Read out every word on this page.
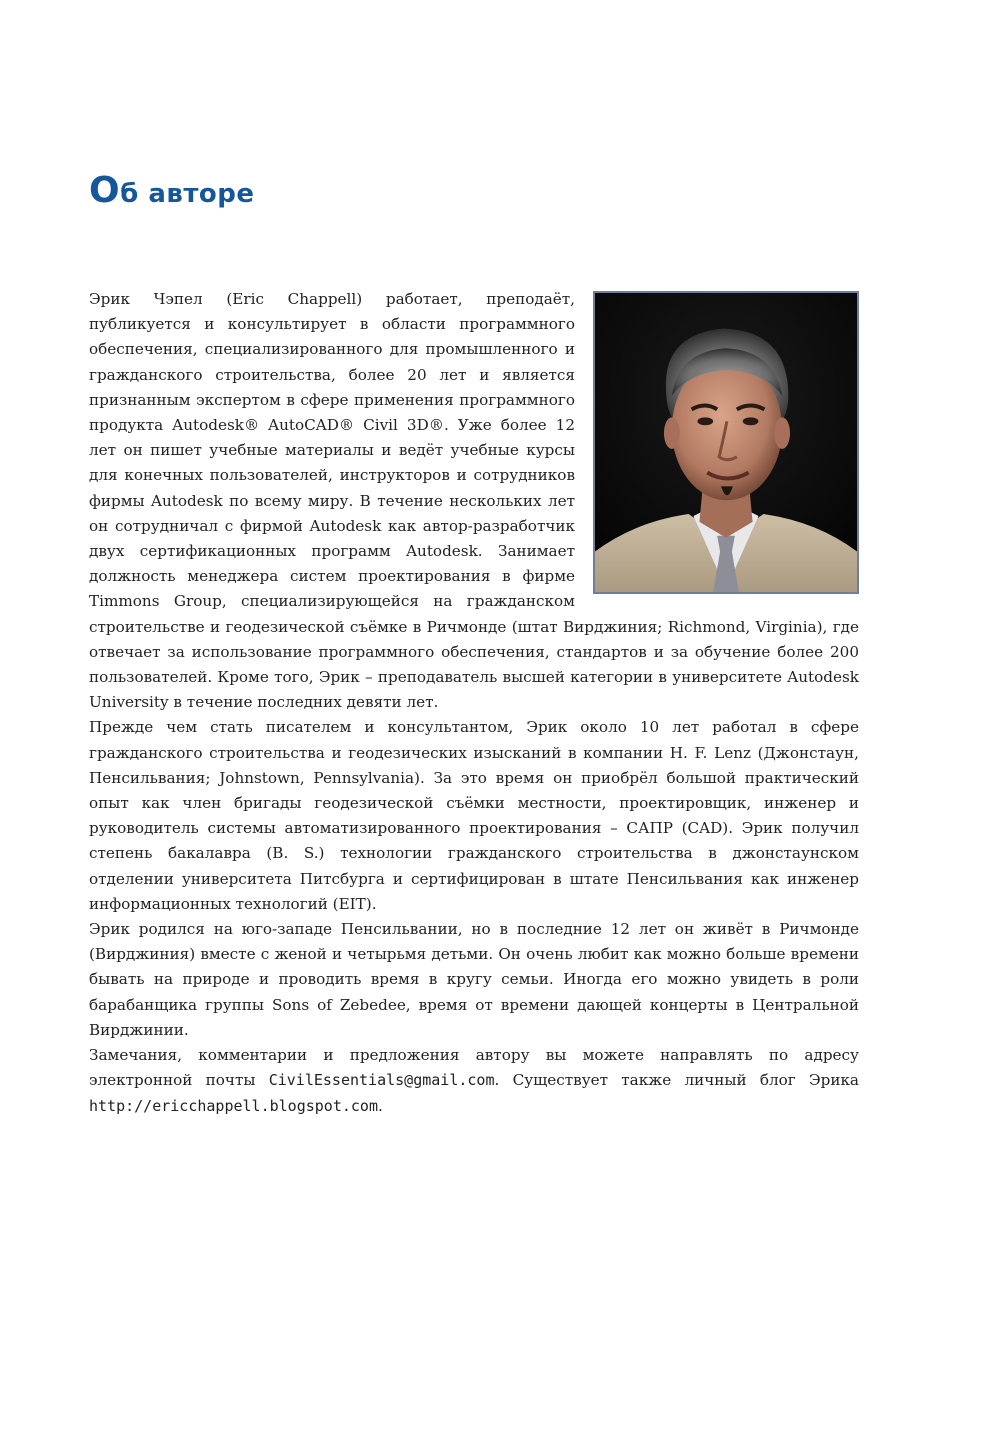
Об авторе

Эрик Чэпел (Eric Chappell) работает, преподаёт, публикуется и консультирует в области программного обеспечения, специализированного для промышленного и гражданского строительства, более 20 лет и является признанным экспертом в сфере применения программного продукта Autodesk® AutoCAD® Civil 3D®. Уже более 12 лет он пишет учебные материалы и ведёт учебные курсы для конечных пользователей, инструкторов и сотрудников фирмы Autodesk по всему миру. В течение нескольких лет он сотрудничал с фирмой Autodesk как автор-разработчик двух сертификационных программ Autodesk. Занимает должность менеджера систем проектирования в фирме Timmons Group, специализирующейся на гражданском строительстве и геодезической съёмке в Ричмонде (штат Вирджиния; Richmond, Virginia), где отвечает за использование программного обеспечения, стандартов и за обучение более 200 пользователей. Кроме того, Эрик – преподаватель высшей категории в университете Autodesk University в течение последних девяти лет.

Прежде чем стать писателем и консультантом, Эрик около 10 лет работал в сфере гражданского строительства и геодезических изысканий в компании H. F. Lenz (Джонстаун, Пенсильвания; Johnstown, Pennsylvania). За это время он приобрёл большой практический опыт как член бригады геодезической съёмки местности, проектировщик, инженер и руководитель системы автоматизированного проектирования – САПР (CAD). Эрик получил степень бакалавра (B. S.) технологии гражданского строительства в джонстаунском отделении университета Питсбурга и сертифицирован в штате Пенсильвания как инженер информационных технологий (EIT).

Эрик родился на юго-западе Пенсильвании, но в последние 12 лет он живёт в Ричмонде (Вирджиния) вместе с женой и четырьмя детьми. Он очень любит как можно больше времени бывать на природе и проводить время в кругу семьи. Иногда его можно увидеть в роли барабанщика группы Sons of Zebedee, время от времени дающей концерты в Центральной Вирджинии.

Замечания, комментарии и предложения автору вы можете направлять по адресу электронной почты CivilEssentials@gmail.com. Существует также личный блог Эрика http://ericchappell.blogspot.com.
